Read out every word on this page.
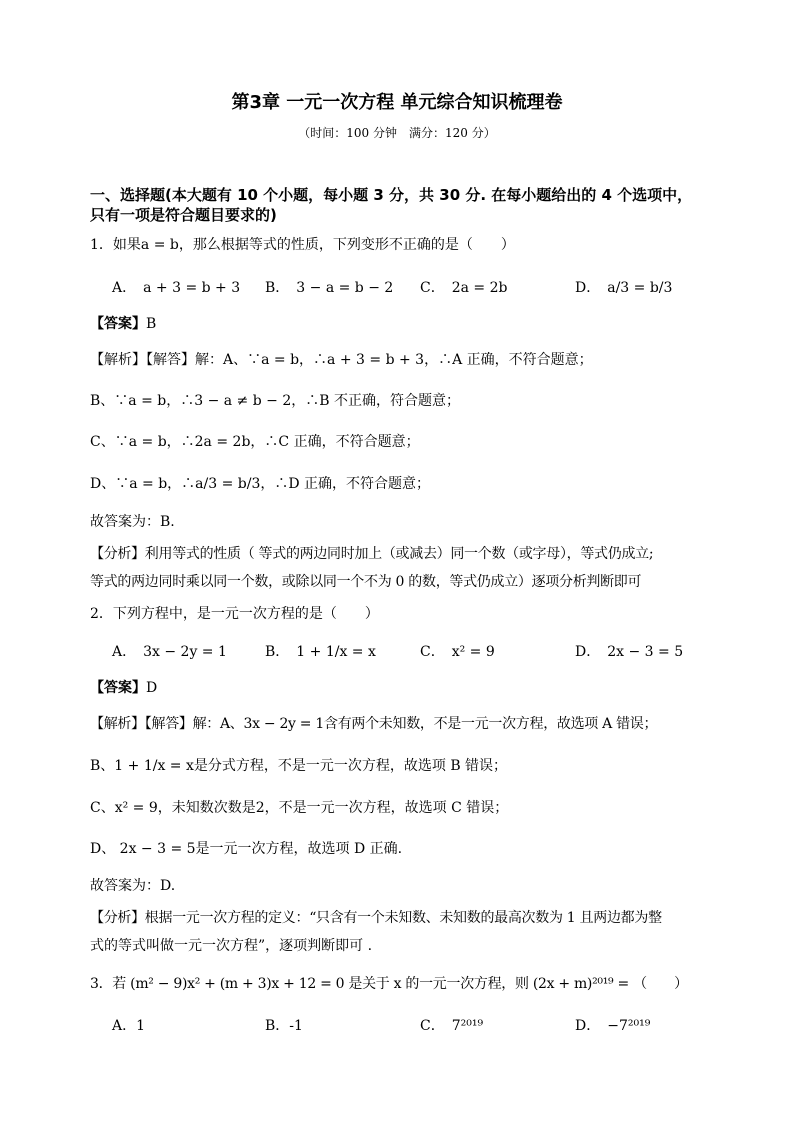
第3章 一元一次方程 单元综合知识梳理卷
（时间：100 分钟　满分：120 分）
一、选择题(本大题有 10 个小题，每小题 3 分，共 30 分. 在每小题给出的 4 个选项中，
只有一项是符合题目要求的)
1．如果a = b，那么根据等式的性质，下列变形不正确的是（　　）
A．　a + 3 = b + 3 B．　3 − a = b − 2 C．　2a = 2b	D．　a/3 = b/3
【答案】B
【解析】【解答】解：A、∵a = b，∴a + 3 = b + 3，∴A 正确，不符合题意；
B、∵a = b，∴3 − a ≠ b − 2，∴B 不正确，符合题意；
C、∵a = b，∴2a = 2b，∴C 正确，不符合题意；
D、∵a = b，∴a/3 = b/3，∴D 正确，不符合题意；
故答案为：B.
【分析】利用等式的性质（ 等式的两边同时加上（或减去）同一个数（或字母），等式仍成立;
等式的两边同时乘以同一个数，或除以同一个不为 0 的数，等式仍成立）逐项分析判断即可
2．下列方程中，是一元一次方程的是（　　）
A．　3x − 2y = 1	B．　1 + 1/x = x	C．　x² = 9	D．　2x − 3 = 5
【答案】D
【解析】【解答】解：A、3x − 2y = 1含有两个未知数，不是一元一次方程，故选项 A 错误；
B、1 + 1/x = x是分式方程，不是一元一次方程，故选项 B 错误；
C、x² = 9，未知数次数是2，不是一元一次方程，故选项 C 错误；
D、 2x − 3 = 5是一元一次方程，故选项 D 正确.
故答案为：D.
【分析】根据一元一次方程的定义：“只含有一个未知数、未知数的最高次数为 1 且两边都为整
式的等式叫做一元一次方程”，逐项判断即可 .
3．若 (m² − 9)x² + (m + 3)x + 12 = 0 是关于 x 的一元一次方程，则 (2x + m)²⁰¹⁹ = （　　）
A．1	B．-1	C．　7²⁰¹⁹	D．　−7²⁰¹⁹
